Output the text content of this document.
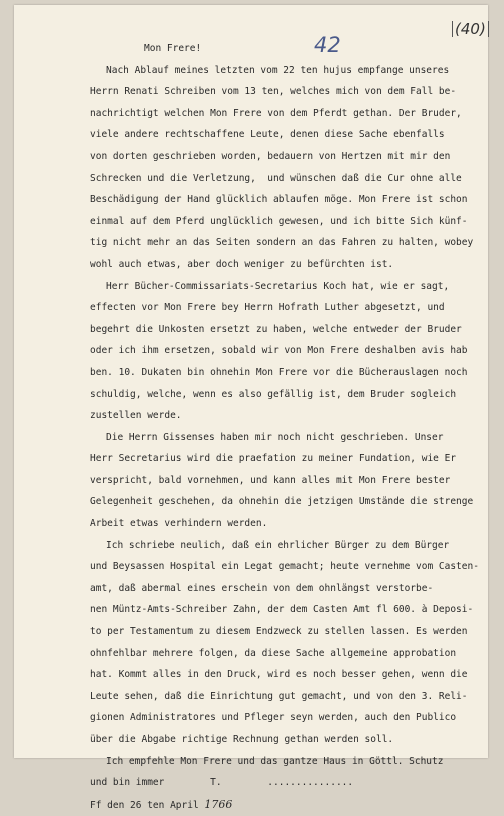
42
(40)
Mon Frere!
Nach Ablauf meines letzten vom 22 ten hujus empfange unseres
Herrn Renati Schreiben vom 13 ten, welches mich von dem Fall be-
nachrichtigt welchen Mon Frere von dem Pferdt gethan. Der Bruder,
viele andere rechtschaffene Leute, denen diese Sache ebenfalls
von dorten geschrieben worden, bedauern von Hertzen mit mir den
Schrecken und die Verletzung,  und wünschen daß die Cur ohne alle
Beschädigung der Hand glücklich ablaufen möge. Mon Frere ist schon
einmal auf dem Pferd unglücklich gewesen, und ich bitte Sich künf-
tig nicht mehr an das Seiten sondern an das Fahren zu halten, wobey
wohl auch etwas, aber doch weniger zu befürchten ist.
Herr Bücher-Commissariats-Secretarius Koch hat, wie er sagt,
effecten vor Mon Frere bey Herrn Hofrath Luther abgesetzt, und
begehrt die Unkosten ersetzt zu haben, welche entweder der Bruder
oder ich ihm ersetzen, sobald wir von Mon Frere deshalben avis hab
ben. 10. Dukaten bin ohnehin Mon Frere vor die Bücherauslagen noch
schuldig, welche, wenn es also gefällig ist, dem Bruder sogleich
zustellen werde.
Die Herrn Gissenses haben mir noch nicht geschrieben. Unser
Herr Secretarius wird die praefation zu meiner Fundation, wie Er
verspricht, bald vornehmen, und kann alles mit Mon Frere bester
Gelegenheit geschehen, da ohnehin die jetzigen Umstände die strenge
Arbeit etwas verhindern werden.
Ich schriebe neulich, daß ein ehrlicher Bürger zu dem Bürger
und Beysassen Hospital ein Legat gemacht; heute vernehme vom Casten-
amt, daß abermal eines erschein von dem ohnlängst verstorbe-
nen Müntz-Amts-Schreiber Zahn, der dem Casten Amt fl 600. à Deposi-
to per Testamentum zu diesem Endzweck zu stellen lassen. Es werden
ohnfehlbar mehrere folgen, da diese Sache allgemeine approbation
hat. Kommt alles in den Druck, wird es noch besser gehen, wenn die
Leute sehen, daß die Einrichtung gut gemacht, und von den 3. Reli-
gionen Administratores und Pfleger seyn werden, auch den Publico
über die Abgabe richtige Rechnung gethan werden soll.
Ich empfehle Mon Frere und das gantze Haus in Göttl. Schutz
und bin immer        T.        ...............
Ff den 26 ten April 1766
